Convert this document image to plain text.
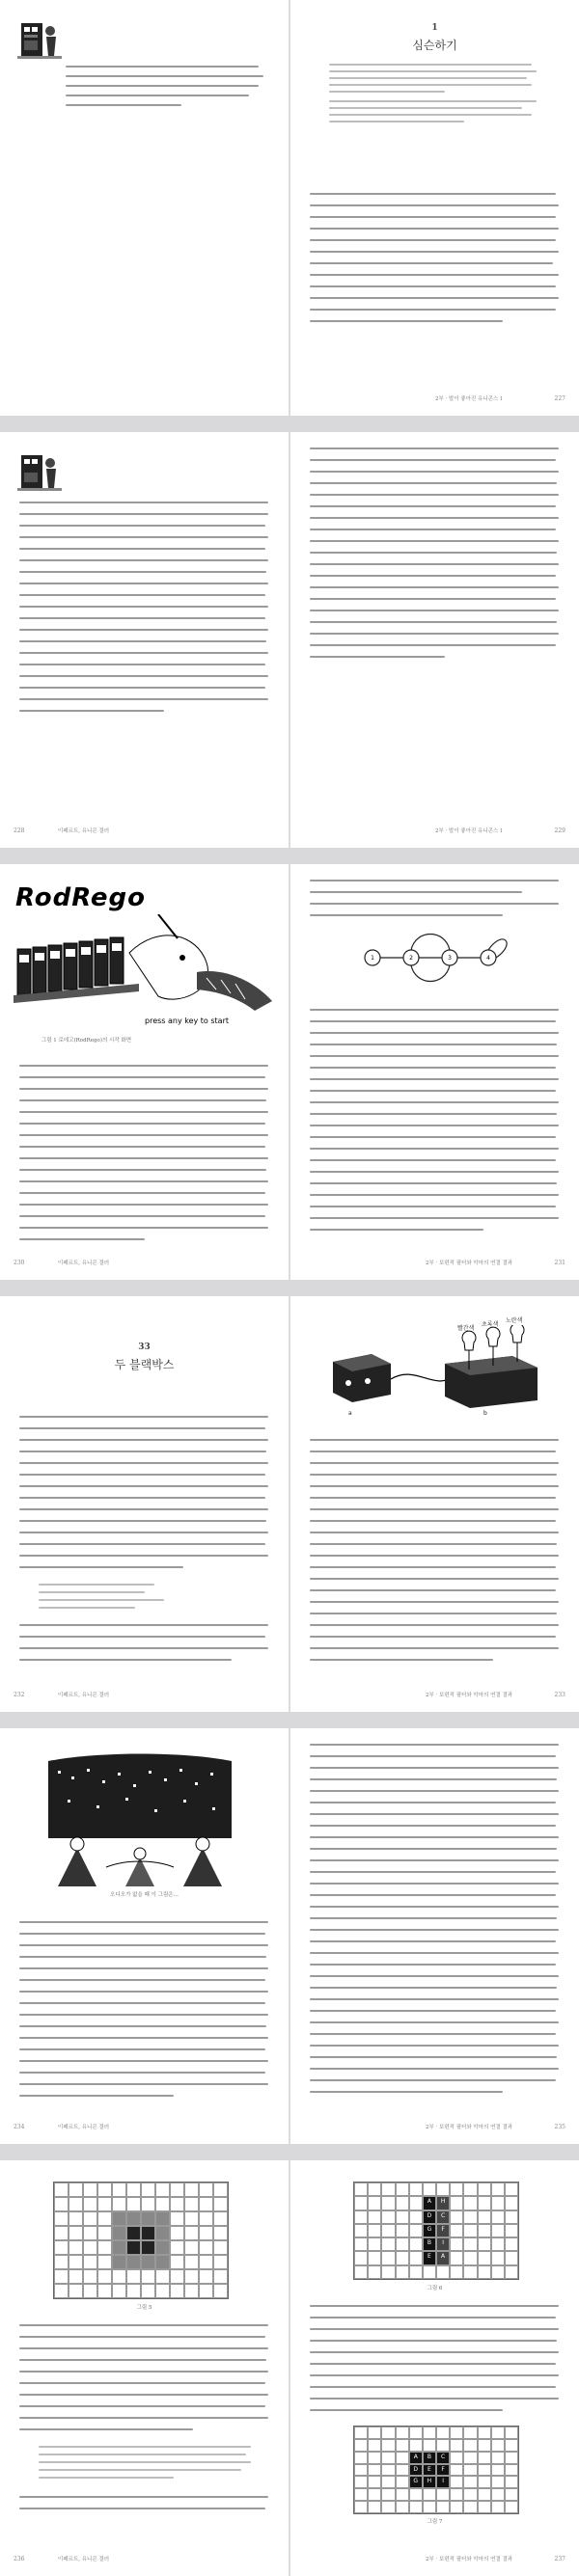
1
심슨하기
2부 · 발이 좋아진 유니콘스 I	227
228	이페르트, 유니콘 결러	2부 · 발이 좋아진 유니콘스 I	229
RodRego
press any key to start
그림 1 로데고(RodRego)의 시작 화면
230	이페르트, 유니콘 결러
1	2	3	4
2부 · 보편적 필터와 악마의 연결 결과	231
33
두 블랙박스
232	이페르트, 유니콘 결러
빨간색
초록색
노란색
a	b
2부 · 보편적 필터와 악마의 연결 결과	233
오디오가 없을 때 이 그림은...
234	이페르트, 유니콘 결러	2부 · 보편적 필터와 악마의 연결 결과	235
그림 5
236	이페르트, 유니콘 결러
A	H
D	C
G	F
B	I
E	A
그림 6
A	B	C
D	E	F
G	H	I
그림 7
2부 · 보편적 필터와 악마의 연결 결과	237
